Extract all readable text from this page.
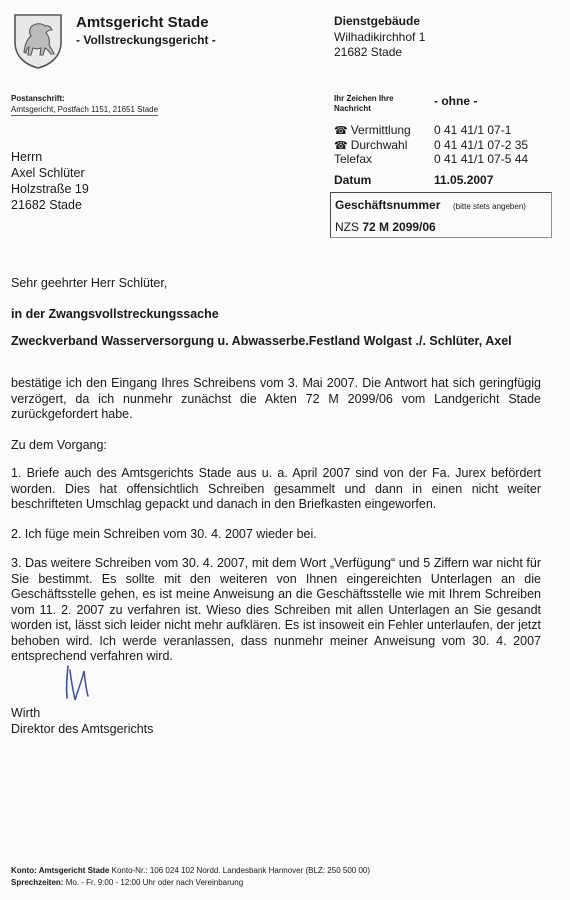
Amtsgericht Stade
- Vollstreckungsgericht -
Dienstgebäude
Wilhadikirchhof 1
21682 Stade
Postanschrift:
Amtsgericht, Postfach 1151, 21651 Stade
Ihr Zeichen Ihre Nachricht
- ohne -
☎ Vermittlung 0 41 41/1 07-1
☎ Durchwahl 0 41 41/1 07-2 35
Telefax	0 41 41/1 07-5 44
Datum	11.05.2007
Geschäftsnummer (bitte stets angeben)
NZS 72 M 2099/06
Herrn
Axel Schlüter
Holzstraße 19
21682 Stade
Sehr geehrter Herr Schlüter,
in der Zwangsvollstreckungssache
Zweckverband Wasserversorgung u. Abwasserbe.Festland Wolgast ./. Schlüter, Axel
bestätige ich den Eingang Ihres Schreibens vom 3. Mai 2007. Die Antwort hat sich geringfügig verzögert, da ich nunmehr zunächst die Akten 72 M 2099/06 vom Landgericht Stade zurückgefordert habe.
Zu dem Vorgang:
1. Briefe auch des Amtsgerichts Stade aus u. a. April 2007 sind von der Fa. Jurex befördert worden. Dies hat offensichtlich Schreiben gesammelt und dann in einen nicht weiter beschrifteten Umschlag gepackt und danach in den Briefkasten eingeworfen.
2. Ich füge mein Schreiben vom 30. 4. 2007 wieder bei.
3. Das weitere Schreiben vom 30. 4. 2007, mit dem Wort „Verfügung“ und 5 Ziffern war nicht für Sie bestimmt. Es sollte mit den weiteren von Ihnen eingereichten Unterlagen an die Geschäftsstelle gehen, es ist meine Anweisung an die Geschäftsstelle wie mit Ihrem Schreiben vom 11. 2. 2007 zu verfahren ist. Wieso dies Schreiben mit allen Unterlagen an Sie gesandt worden ist, lässt sich leider nicht mehr aufklären. Es ist insoweit ein Fehler unterlaufen, der jetzt behoben wird. Ich werde veranlassen, dass nunmehr meiner Anweisung vom 30. 4. 2007 entsprechend verfahren wird.
Wirth
Direktor des Amtsgerichts
Konto: Amtsgericht Stade Konto-Nr.: 106 024 102 Nordd. Landesbank Hannover (BLZ: 250 500 00)
Sprechzeiten: Mo. - Fr. 9:00 - 12:00 Uhr oder nach Vereinbarung
